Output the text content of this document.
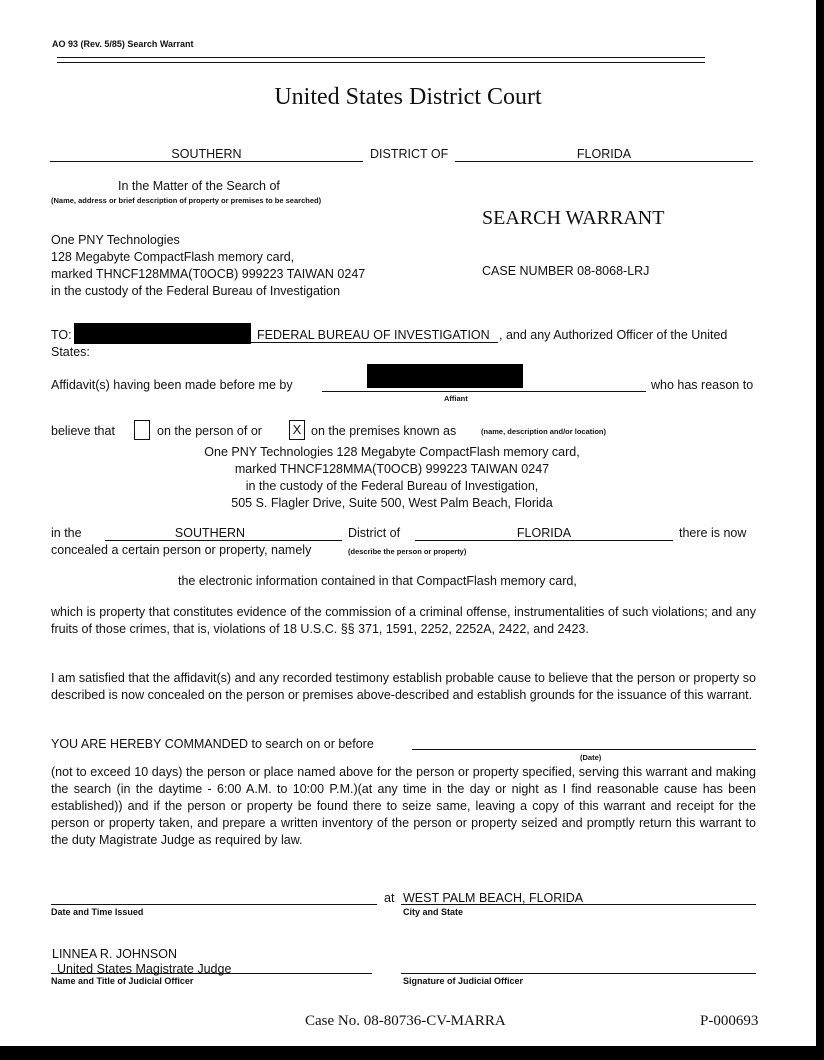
AO 93 (Rev. 5/85) Search Warrant
United States District Court
SOUTHERN	DISTRICT OF	FLORIDA
In the Matter of the Search of
(Name, address or brief description of property or premises to be searched)
SEARCH WARRANT
One PNY Technologies
128 Megabyte CompactFlash memory card,
marked THNCF128MMA(T0OCB) 999223 TAIWAN 0247
in the custody of the Federal Bureau of Investigation
CASE NUMBER 08-8068-LRJ
TO:	FEDERAL BUREAU OF INVESTIGATION , and any Authorized Officer of the United
States:
Affidavit(s) having been made before me by
Affiant
who has reason to
believe that	on the person of or X on the premises known as	(name, description and/or location)
One PNY Technologies 128 Megabyte CompactFlash memory card,
marked THNCF128MMA(T0OCB) 999223 TAIWAN 0247
in the custody of the Federal Bureau of Investigation,
505 S. Flagler Drive, Suite 500, West Palm Beach, Florida
in the	SOUTHERN	District of	FLORIDA	there is now
concealed a certain person or property, namely	(describe the person or property)
the electronic information contained in that CompactFlash memory card,
which is property that constitutes evidence of the commission of a criminal offense, instrumentalities of such violations; and any fruits of those crimes, that is, violations of 18 U.S.C. §§ 371, 1591, 2252, 2252A, 2422, and 2423.
I am satisfied that the affidavit(s) and any recorded testimony establish probable cause to believe that the person or property so described is now concealed on the person or premises above-described and establish grounds for the issuance of this warrant.
YOU ARE HEREBY COMMANDED to search on or before
(Date)
(not to exceed 10 days) the person or place named above for the person or property specified, serving this warrant and making the search (in the daytime - 6:00 A.M. to 10:00 P.M.)(at any time in the day or night as I find reasonable cause has been established)) and if the person or property be found there to seize same, leaving a copy of this warrant and receipt for the person or property taken, and prepare a written inventory of the person or property seized and promptly return this warrant to the duty Magistrate Judge as required by law.
Date and Time Issued
at WEST PALM BEACH, FLORIDA
City and State
LINNEA R. JOHNSON
United States Magistrate Judge
Name and Title of Judicial Officer	Signature of Judicial Officer
Case No. 08-80736-CV-MARRA	P-000693
